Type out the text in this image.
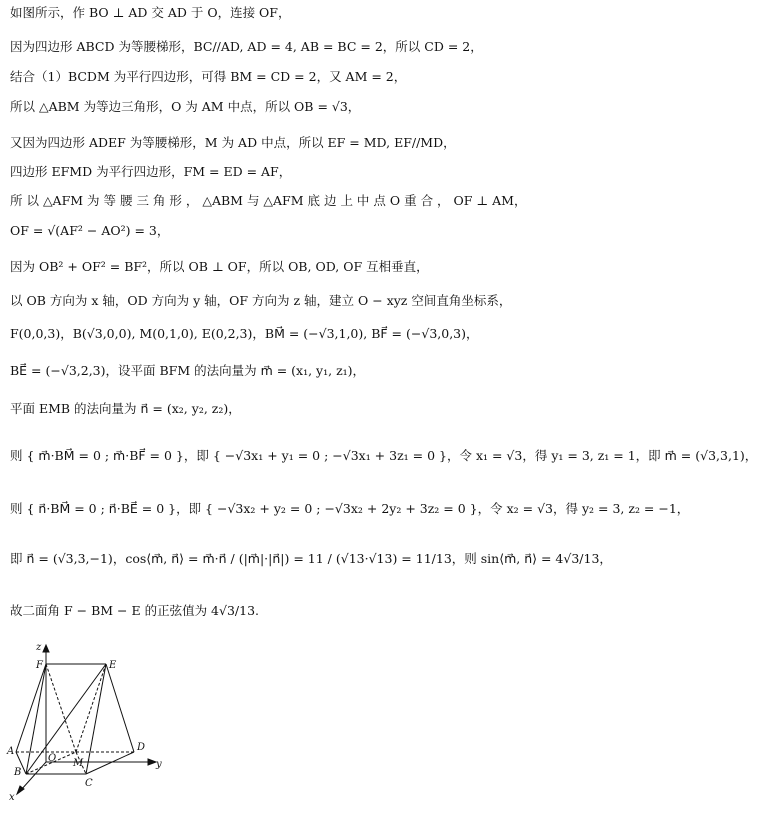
如图所示，作 BO ⊥ AD 交 AD 于 O，连接 OF，
因为四边形 ABCD 为等腰梯形，BC//AD, AD = 4, AB = BC = 2，所以 CD = 2，
结合（1）BCDM 为平行四边形，可得 BM = CD = 2，又 AM = 2，
所以 △ABM 为等边三角形，O 为 AM 中点，所以 OB = √3，
又因为四边形 ADEF 为等腰梯形，M 为 AD 中点，所以 EF = MD, EF//MD，
四边形 EFMD 为平行四边形，FM = ED = AF，
所 以 △AFM 为 等 腰 三 角 形 ， △ABM 与 △AFM 底 边 上 中 点 O 重 合 ， OF ⊥ AM，
OF = √(AF² − AO²) = 3，
因为 OB² + OF² = BF²，所以 OB ⊥ OF，所以 OB, OD, OF 互相垂直，
以 OB 方向为 x 轴，OD 方向为 y 轴，OF 方向为 z 轴，建立 O − xyz 空间直角坐标系，
F(0,0,3)，B(√3,0,0), M(0,1,0), E(0,2,3)，BM⃗ = (−√3,1,0), BF⃗ = (−√3,0,3)，
BE⃗ = (−√3,2,3)，设平面 BFM 的法向量为 m⃗ = (x₁, y₁, z₁)，
平面 EMB 的法向量为 n⃗ = (x₂, y₂, z₂)，
则 { m⃗·BM⃗ = 0 ; m⃗·BF⃗ = 0 }，即 { −√3x₁ + y₁ = 0 ; −√3x₁ + 3z₁ = 0 }，令 x₁ = √3，得 y₁ = 3, z₁ = 1，即 m⃗ = (√3,3,1)，
则 { n⃗·BM⃗ = 0 ; n⃗·BE⃗ = 0 }，即 { −√3x₂ + y₂ = 0 ; −√3x₂ + 2y₂ + 3z₂ = 0 }，令 x₂ = √3，得 y₂ = 3, z₂ = −1，
即 n⃗ = (√3,3,−1)，cos⟨m⃗, n⃗⟩ = m⃗·n⃗ / (|m⃗|·|n⃗|) = 11 / (√13·√13) = 11/13，则 sin⟨m⃗, n⃗⟩ = 4√3/13，
故二面角 F − BM − E 的正弦值为 4√3/13.
z
F	E
A
O M
D
y
B
C
x
